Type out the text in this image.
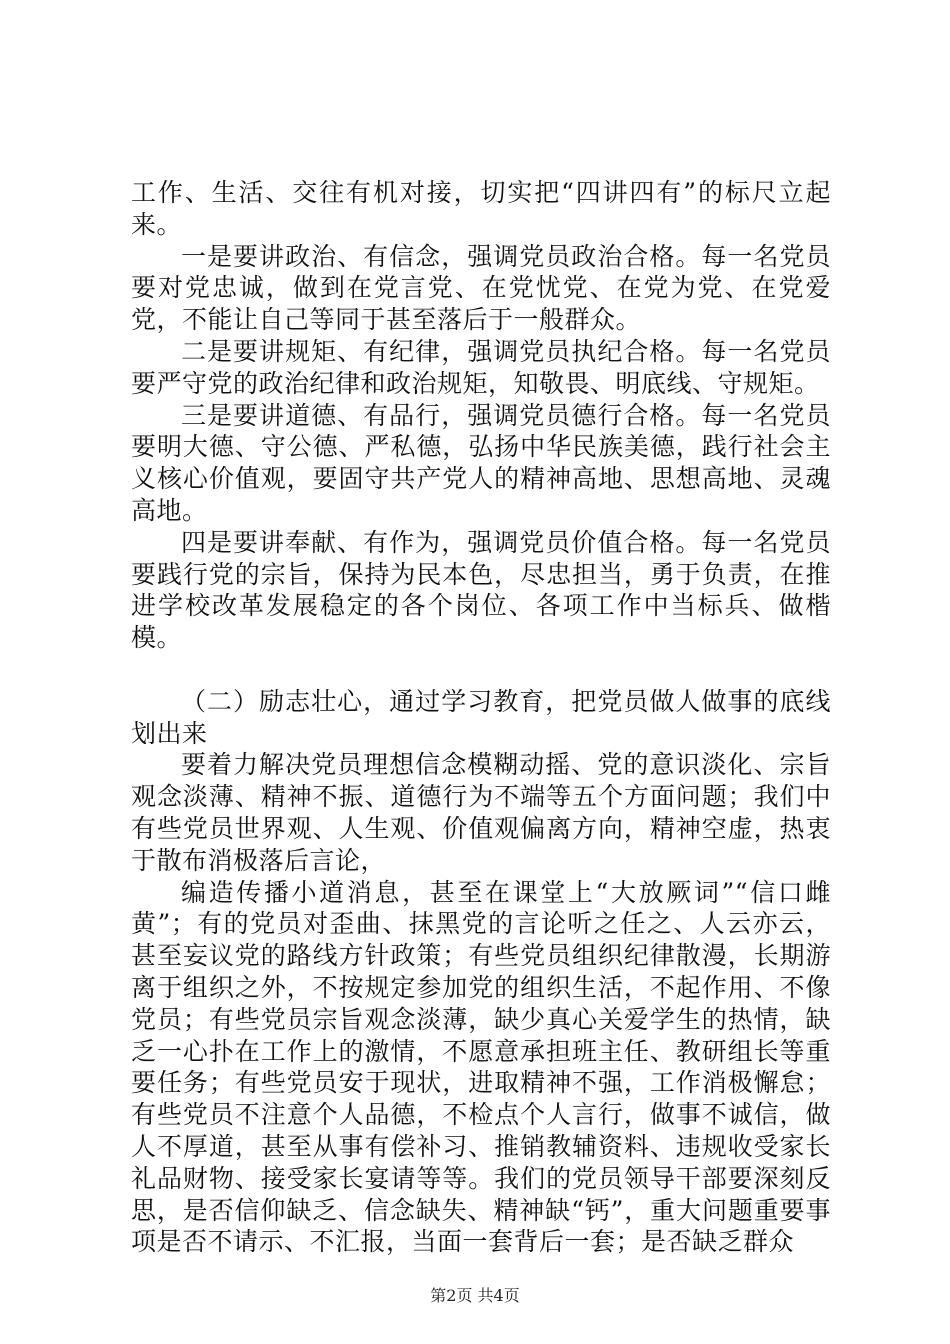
工作、生活、交往有机对接，切实把“四讲四有”的标尺立起来。

一是要讲政治、有信念，强调党员政治合格。每一名党员要对党忠诚，做到在党言党、在党忧党、在党为党、在党爱党，不能让自己等同于甚至落后于一般群众。

二是要讲规矩、有纪律，强调党员执纪合格。每一名党员要严守党的政治纪律和政治规矩，知敬畏、明底线、守规矩。

三是要讲道德、有品行，强调党员德行合格。每一名党员要明大德、守公德、严私德，弘扬中华民族美德，践行社会主义核心价值观，要固守共产党人的精神高地、思想高地、灵魂高地。

四是要讲奉献、有作为，强调党员价值合格。每一名党员要践行党的宗旨，保持为民本色，尽忠担当，勇于负责，在推进学校改革发展稳定的各个岗位、各项工作中当标兵、做楷模。

（二）励志壮心，通过学习教育，把党员做人做事的底线划出来

要着力解决党员理想信念模糊动摇、党的意识淡化、宗旨观念淡薄、精神不振、道德行为不端等五个方面问题；我们中有些党员世界观、人生观、价值观偏离方向，精神空虚，热衷于散布消极落后言论，

编造传播小道消息，甚至在课堂上“大放厥词”“信口雌黄”；有的党员对歪曲、抹黑党的言论听之任之、人云亦云，甚至妄议党的路线方针政策；有些党员组织纪律散漫，长期游离于组织之外，不按规定参加党的组织生活，不起作用、不像党员；有些党员宗旨观念淡薄，缺少真心关爱学生的热情，缺乏一心扑在工作上的激情，不愿意承担班主任、教研组长等重要任务；有些党员安于现状，进取精神不强，工作消极懈怠；有些党员不注意个人品德，不检点个人言行，做事不诚信，做人不厚道，甚至从事有偿补习、推销教辅资料、违规收受家长礼品财物、接受家长宴请等等。我们的党员领导干部要深刻反思，是否信仰缺乏、信念缺失、精神缺“钙”，重大问题重要事项是否不请示、不汇报，当面一套背后一套；是否缺乏群众

第2页 共4页
